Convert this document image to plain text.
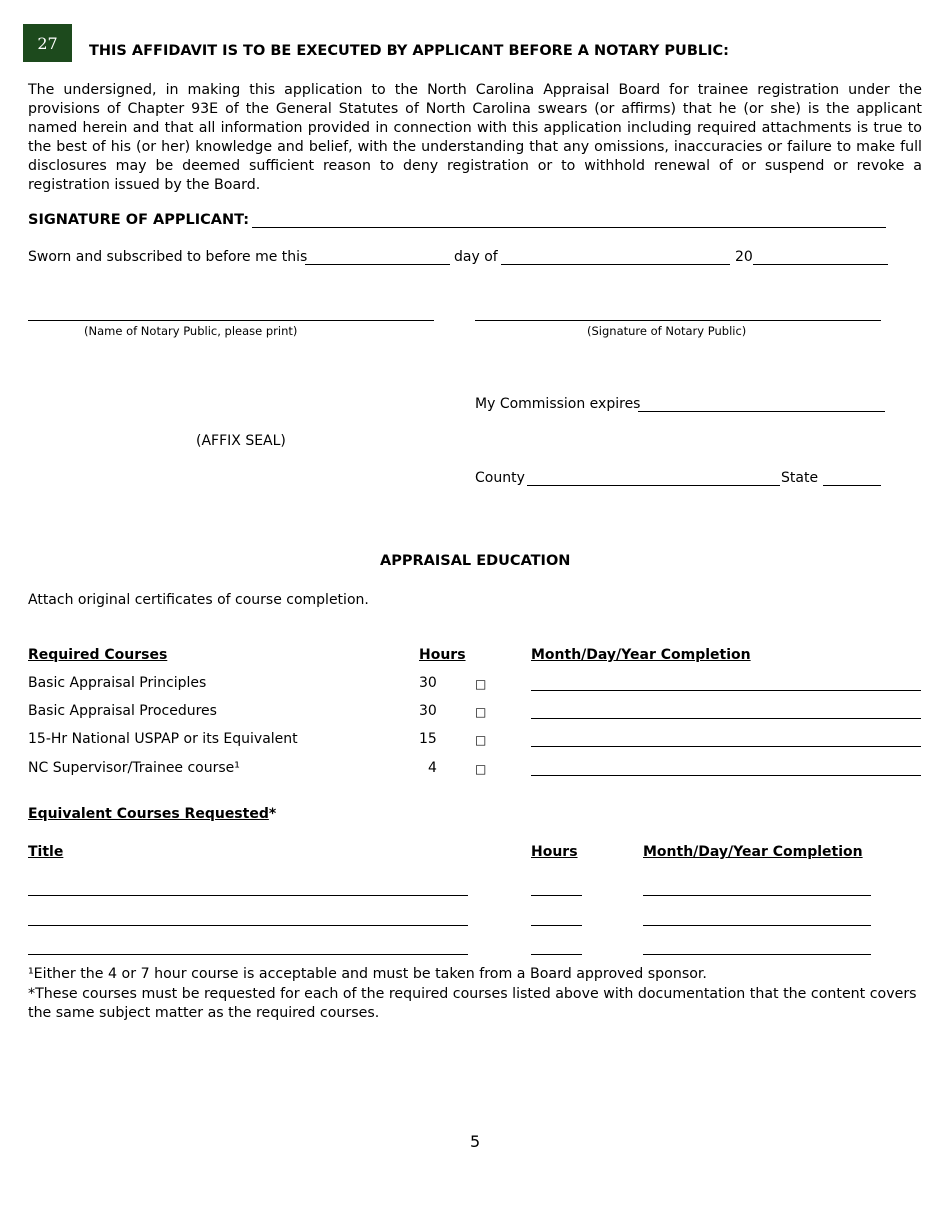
27	THIS AFFIDAVIT IS TO BE EXECUTED BY APPLICANT BEFORE A NOTARY PUBLIC:
The undersigned, in making this application to the North Carolina Appraisal Board for trainee registration under the provisions of Chapter 93E of the General Statutes of North Carolina swears (or affirms) that he (or she) is the applicant named herein and that all information provided in connection with this application including required attachments is true to the best of his (or her) knowledge and belief, with the understanding that any omissions, inaccuracies or failure to make full disclosures may be deemed sufficient reason to deny registration or to withhold renewal of or suspend or revoke a registration issued by the Board.
SIGNATURE OF APPLICANT:
Sworn and subscribed to before me this	day of	20
(Name of Notary Public, please print)	(Signature of Notary Public)
My Commission expires
(AFFIX SEAL)
County	State
APPRAISAL EDUCATION
Attach original certificates of course completion.
Required Courses	Hours	Month/Day/Year Completion
Basic Appraisal Principles	30	□
Basic Appraisal Procedures	30	□
15-Hr National USPAP or its Equivalent	15	□
NC Supervisor/Trainee course¹	4	□
Equivalent Courses Requested*
Title	Hours	Month/Day/Year Completion
¹Either the 4 or 7 hour course is acceptable and must be taken from a Board approved sponsor.
*These courses must be requested for each of the required courses listed above with documentation that the content covers the same subject matter as the required courses.
5
